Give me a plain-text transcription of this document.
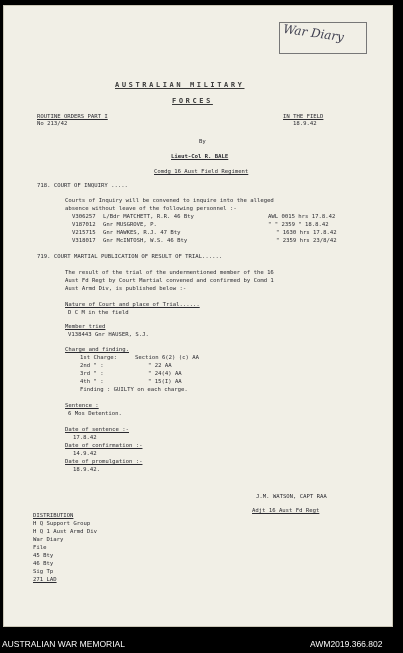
War Diary
AUSTRALIAN MILITARY
FORCES
ROUTINE ORDERS PART I
No 213/42
IN THE FIELD
18.9.42
By
Lieut-Col R. BALE
Comdg 16 Aust Field Regiment
718. COURT OF INQUIRY .....
Courts of Inquiry will be convened to inquire into the alleged
absence without leave of the following personnel :-
V306257 L/Bdr MATCHETT, R.R. 46 Bty	AWL 0015 hrs 17.8.42
V187012 Gnr MUSGROVE, P.	" " 2359 " 18.8.42
V215715 Gnr HAWKES, R.J. 47 Bty	" 1630 hrs 17.8.42
V318017 Gnr McINTOSH, W.S. 46 Bty	" 2359 hrs 23/8/42
719. COURT MARTIAL PUBLICATION OF RESULT OF TRIAL......
The result of the trial of the undermentioned member of the 16
Aust Fd Regt by Court Martial convened and confirmed by Comd 1
Aust Armd Div, is published below :-
Nature of Court and place of Trial......
D C M in the field
Member tried
V138443 Gnr HAUSER, S.J.
Charge and finding.
1st Charge:	Section 6(2) (c) AA
2nd " :	" 22 AA
3rd " :	" 24(4) AA
4th " :	" 15(I) AA
Finding : GUILTY on each charge.
Sentence :
6 Mos Detention.
Date of sentence :-
17.8.42
Date of confirmation :-
14.9.42
Date of promulgation :-
18.9.42.
J.M. WATSON, CAPT RAA
Adjt 16 Aust Fd Regt
DISTRIBUTION
H Q Support Group
H Q 1 Aust Armd Div
War Diary
File
45 Bty
46 Bty
Sig Tp
271 LAD
AUSTRALIAN WAR MEMORIAL	AWM2019.366.802
